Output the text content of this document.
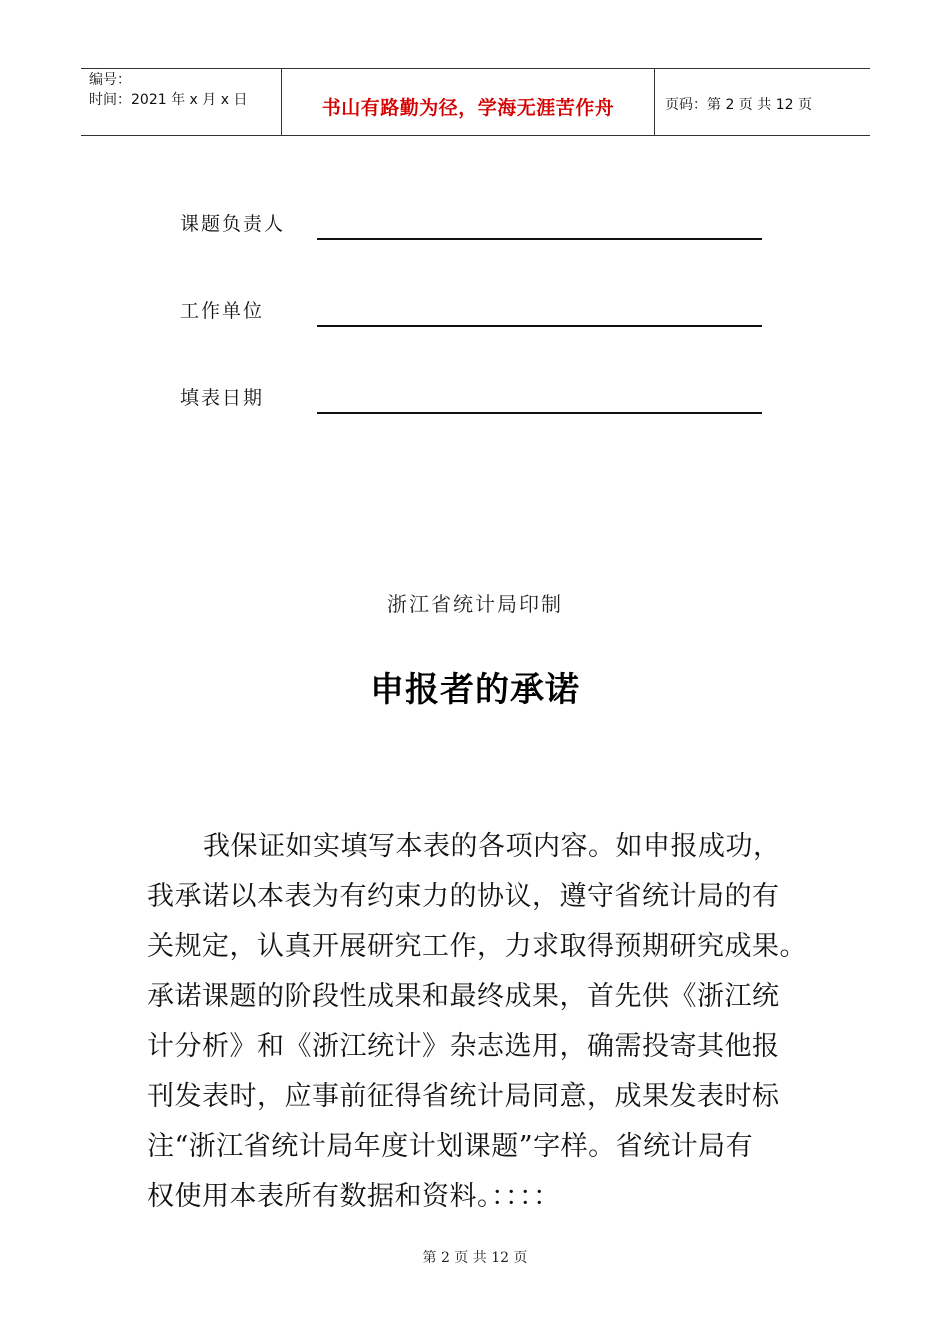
编号：
时间：2021 年 x 月 x 日	书山有路勤为径，学海无涯苦作舟	页码：第 2 页 共 12 页
课题负责人
工作单位
填表日期
浙江省统计局印制
申报者的承诺
我保证如实填写本表的各项内容。如申报成功，
我承诺以本表为有约束力的协议，遵守省统计局的有
关规定，认真开展研究工作，力求取得预期研究成果。
承诺课题的阶段性成果和最终成果，首先供《浙江统
计分析》和《浙江统计》杂志选用，确需投寄其他报
刊发表时，应事前征得省统计局同意，成果发表时标
注“浙江省统计局年度计划课题”字样。省统计局有
权使用本表所有数据和资料。：：：：
第 2 页 共 12 页
